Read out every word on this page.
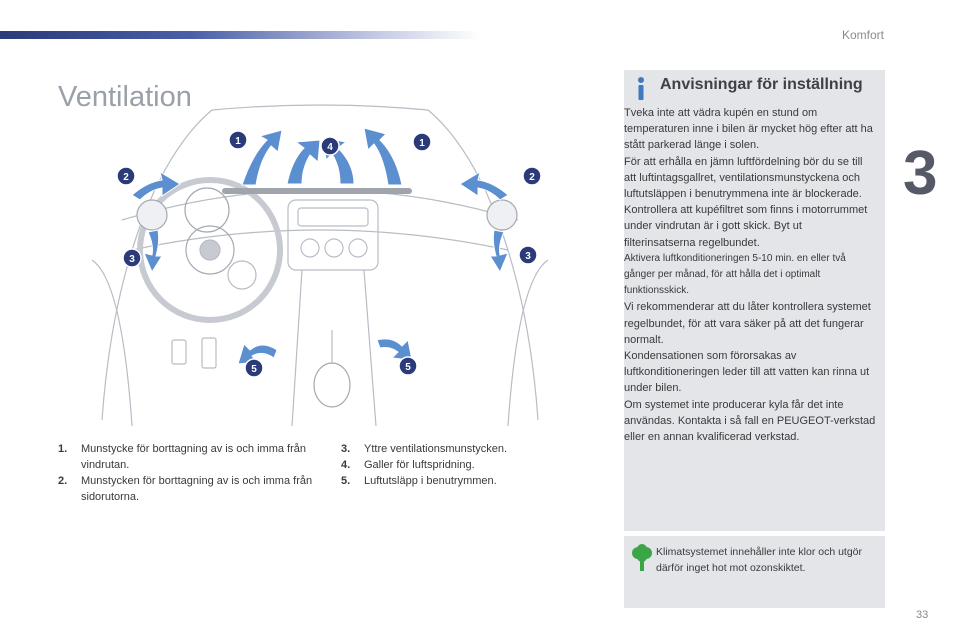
Komfort
3
Ventilation
1
4	1
2	2
3	3
5	5
1. Munstycke för borttagning av is och imma från vindrutan.
2. Munstycken för borttagning av is och imma från sidorutorna.
3. Yttre ventilationsmunstycken.
4. Galler för luftspridning.
5. Luftutsläpp i benutrymmen.
Anvisningar för inställning

Tveka inte att vädra kupén en stund om temperaturen inne i bilen är mycket hög efter att ha stått parkerad länge i solen.

För att erhålla en jämn luftfördelning bör du se till att luftintagsgallret, ventilationsmunstyckena och luftutsläppen i benutrymmena inte är blockerade.

Kontrollera att kupéfiltret som finns i motorrummet under vindrutan är i gott skick. Byt ut filterinsatserna regelbundet.

Aktivera luftkonditioneringen 5-10 min. en eller två gånger per månad, för att hålla det i optimalt funktionsskick.

Vi rekommenderar att du låter kontrollera systemet regelbundet, för att vara säker på att det fungerar normalt.

Kondensationen som förorsakas av luftkonditioneringen leder till att vatten kan rinna ut under bilen.

Om systemet inte producerar kyla får det inte användas. Kontakta i så fall en PEUGEOT-verkstad eller en annan kvalificerad verkstad.

Klimatsystemet innehåller inte klor och utgör därför inget hot mot ozonskiktet.
33
